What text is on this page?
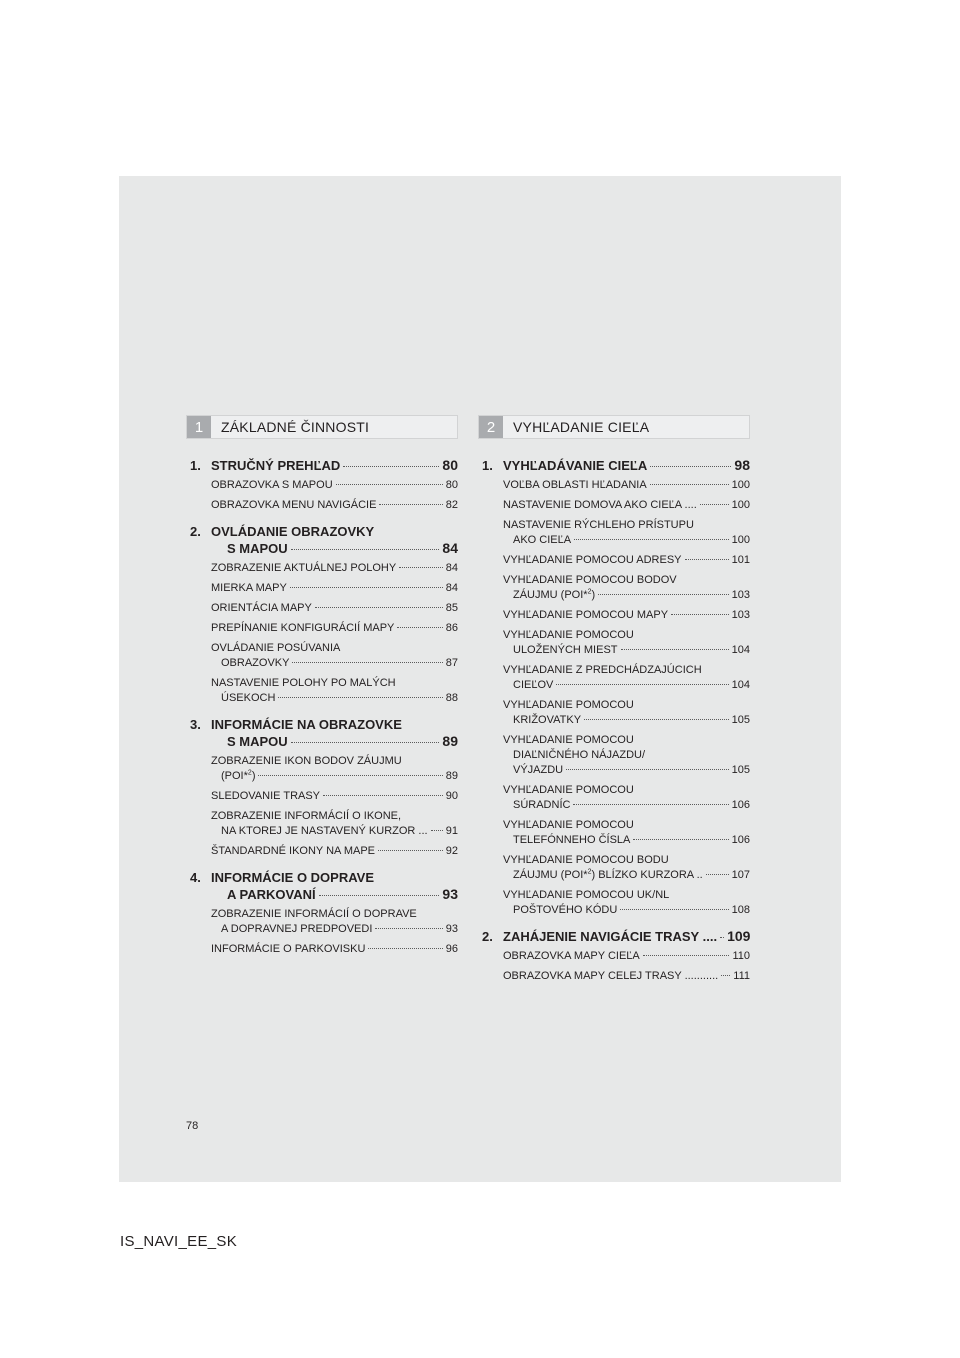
1	ZÁKLADNÉ ČINNOSTI
1. STRUČNÝ PREHĽAD	80
OBRAZOVKA S MAPOU	80
OBRAZOVKA MENU NAVIGÁCIE	82
2. OVLÁDANIE OBRAZOVKY
S MAPOU	84
ZOBRAZENIE AKTUÁLNEJ POLOHY	84
MIERKA MAPY	84
ORIENTÁCIA MAPY	85
PREPÍNANIE KONFIGURÁCIÍ MAPY	86
OVLÁDANIE POSÚVANIA
OBRAZOVKY	87
NASTAVENIE POLOHY PO MALÝCH
ÚSEKOCH	88
3. INFORMÁCIE NA OBRAZOVKE
S MAPOU	89
ZOBRAZENIE IKON BODOV ZÁUJMU
(POI*$^2$)	89
SLEDOVANIE TRASY	90
ZOBRAZENIE INFORMÁCIÍ O IKONE,
NA KTOREJ JE NASTAVENÝ KURZOR ... 91
ŠTANDARDNÉ IKONY NA MAPE	92
4. INFORMÁCIE O DOPRAVE
A PARKOVANÍ	93
ZOBRAZENIE INFORMÁCIÍ O DOPRAVE
A DOPRAVNEJ PREDPOVEDI	93
INFORMÁCIE O PARKOVISKU	96
2	VYHĽADANIE CIEĽA
1. VYHĽADÁVANIE CIEĽA	98
VOĽBA OBLASTI HĽADANIA	100
NASTAVENIE DOMOVA AKO CIEĽA ....	100
NASTAVENIE RÝCHLEHO PRÍSTUPU
AKO CIEĽA	100
VYHĽADANIE POMOCOU ADRESY	101
VYHĽADANIE POMOCOU BODOV
ZÁUJMU (POI*$^2$)	103
VYHĽADANIE POMOCOU MAPY	103
VYHĽADANIE POMOCOU
ULOŽENÝCH MIEST	104
VYHĽADANIE Z PREDCHÁDZAJÚCICH
CIEĽOV	104
VYHĽADANIE POMOCOU
KRIŽOVATKY	105
VYHĽADANIE POMOCOU
DIAĽNIČNÉHO NÁJAZDU/
VÝJAZDU	105
VYHĽADANIE POMOCOU
SÚRADNÍC	106
VYHĽADANIE POMOCOU
TELEFÓNNEHO ČÍSLA	106
VYHĽADANIE POMOCOU BODU
ZÁUJMU (POI*$^2$) BLÍZKO KURZORA ..	107
VYHĽADANIE POMOCOU UK/NL
POŠTOVÉHO KÓDU	108
2. ZAHÁJENIE NAVIGÁCIE TRASY .... 109
OBRAZOVKA MAPY CIEĽA	110
OBRAZOVKA MAPY CELEJ TRASY ........... 111
78
IS_NAVI_EE_SK
